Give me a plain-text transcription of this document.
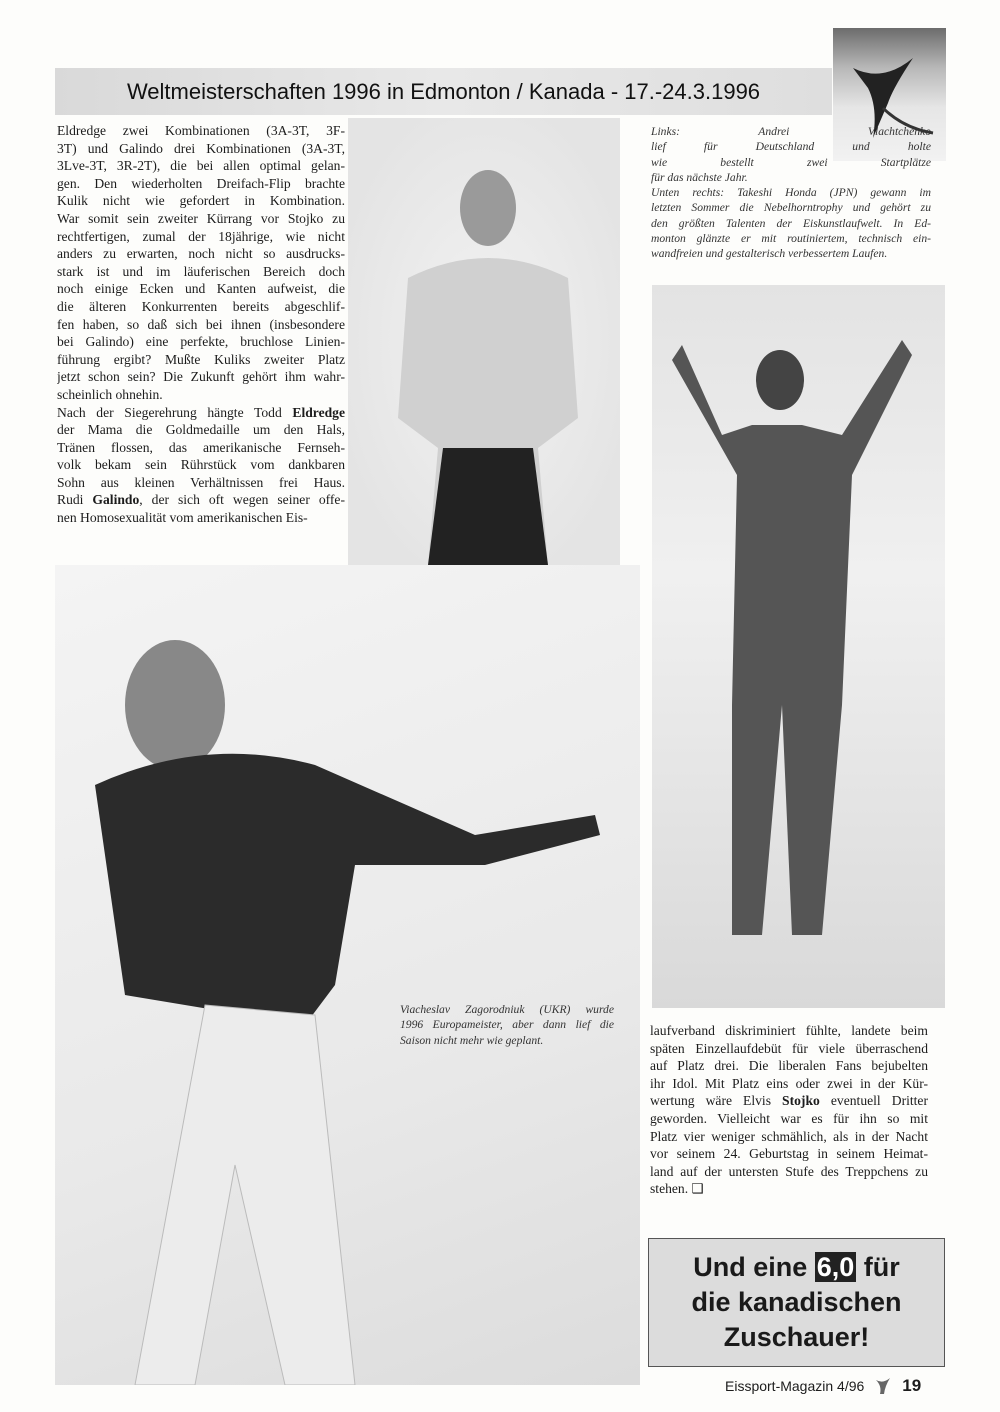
Weltmeisterschaften 1996 in Edmonton / Kanada - 17.-24.3.1996
Eldredge zwei Kombinationen (3A-3T, 3F-
3T) und Galindo drei Kombinationen (3A-3T,
3Lve-3T, 3R-2T), die bei allen optimal gelan-
gen. Den wiederholten Dreifach-Flip brachte
Kulik nicht wie gefordert in Kombination.
War somit sein zweiter Kürrang vor Stojko zu
rechtfertigen, zumal der 18jährige, wie nicht
anders zu erwarten, noch nicht so ausdrucks-
stark ist und im läuferischen Bereich doch
noch einige Ecken und Kanten aufweist, die
die älteren Konkurrenten bereits abgeschlif-
fen haben, so daß sich bei ihnen (insbesondere
bei Galindo) eine perfekte, bruchlose Linien-
führung ergibt? Mußte Kuliks zweiter Platz
jetzt schon sein? Die Zukunft gehört ihm wahr-
scheinlich ohnehin.
Nach der Siegerehrung hängte Todd Eldredge
der Mama die Goldmedaille um den Hals,
Tränen flossen, das amerikanische Fernseh-
volk bekam sein Rührstück vom dankbaren
Sohn aus kleinen Verhältnissen frei Haus.
Rudi Galindo, der sich oft wegen seiner offe-
nen Homosexualität vom amerikanischen Eis-
Links: Andrei Vlachtchenko
lief für Deutschland und holte
wie bestellt zwei Startplätze
für das nächste Jahr.
Unten rechts: Takeshi Honda (JPN) gewann im
letzten Sommer die Nebelhorntrophy und gehört zu
den größten Talenten der Eiskunstlaufwelt. In Ed-
monton glänzte er mit routiniertem, technisch ein-
wandfreien und gestalterisch verbessertem Laufen.
Viacheslav Zagorodniuk (UKR) wurde
1996 Europameister, aber dann lief die
Saison nicht mehr wie geplant.
laufverband diskriminiert fühlte, landete beim
späten Einzellaufdebüt für viele überraschend
auf Platz drei. Die liberalen Fans bejubelten
ihr Idol. Mit Platz eins oder zwei in der Kür-
wertung wäre Elvis Stojko eventuell Dritter
geworden. Vielleicht war es für ihn so mit
Platz vier weniger schmählich, als in der Nacht
vor seinem 24. Geburtstag in seinem Heimat-
land auf der untersten Stufe des Treppchens zu
stehen. ❑
Und eine 6,0 für
die kanadischen
Zuschauer!
Eissport-Magazin 4/96 19
